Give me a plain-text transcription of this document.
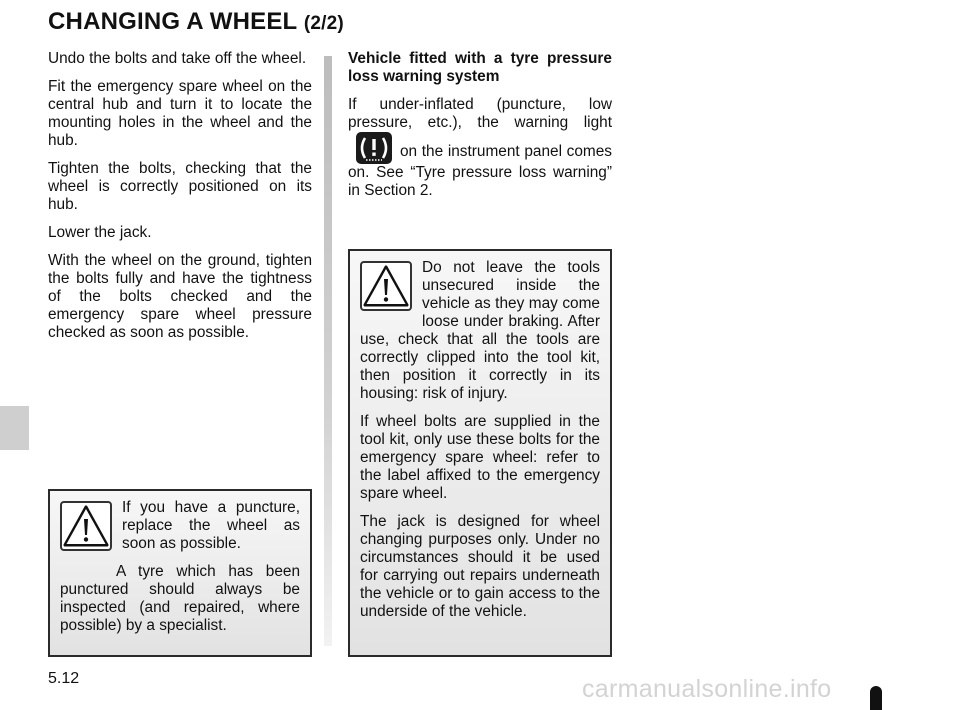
CHANGING A WHEEL (2/2)

Undo the bolts and take off the wheel.

Fit the emergency spare wheel on the central hub and turn it to locate the mounting holes in the wheel and the hub.

Tighten the bolts, checking that the wheel is correctly positioned on its hub.

Lower the jack.

With the wheel on the ground, tighten the bolts fully and have the tightness of the bolts checked and the emergency spare wheel pressure checked as soon as possible.

Vehicle fitted with a tyre pressure loss warning system

If under-inflated (puncture, low pressure, etc.), the warning lighton the instrument panel comes on. See “Tyre pressure loss warning” in Section 2.

Do not leave the tools unsecured inside the vehicle as they may come loose under braking. After use, check that all the tools are correctly clipped into the tool kit, then position it correctly in its housing: risk of injury.

If wheel bolts are supplied in the tool kit, only use these bolts for the emergency spare wheel: refer to the label affixed to the emergency spare wheel.

The jack is designed for wheel changing purposes only. Under no circumstances should it be used for carrying out repairs underneath the vehicle or to gain access to the underside of the vehicle.

If you have a puncture, replace the wheel as soon as possible.

A tyre which has been punctured should always be inspected (and repaired, where possible) by a specialist.

5.12	carmanualsonline.info
